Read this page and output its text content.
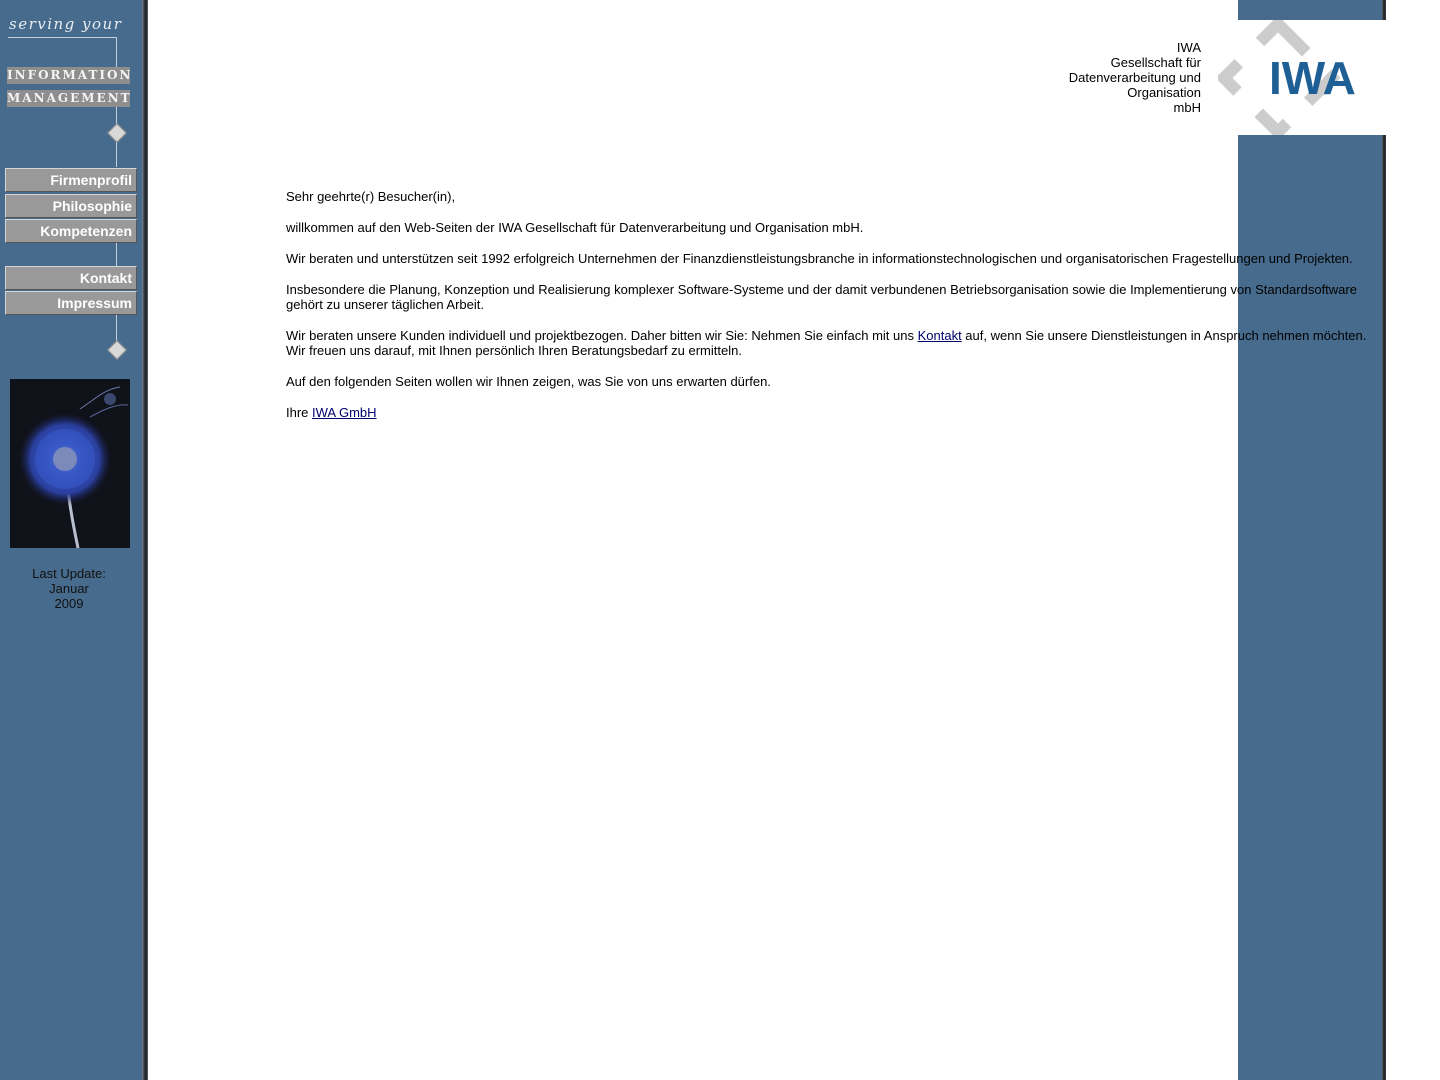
serving your
INFORMATION
MANAGEMENT
Firmenprofil
Philosophie
Kompetenzen
Kontakt
Impressum
Last Update:
Januar
2009
IWA
IWA
Gesellschaft für
Datenverarbeitung und
Organisation
mbH

Sehr geehrte(r) Besucher(in),

willkommen auf den Web-Seiten der IWA Gesellschaft für Datenverarbeitung und Organisation mbH.

Wir beraten und unterstützen seit 1992 erfolgreich Unternehmen der Finanzdienstleistungsbranche in informationstechnologischen und organisatorischen Fragestellungen und Projekten.

Insbesondere die Planung, Konzeption und Realisierung komplexer Software-Systeme und der damit verbundenen Betriebsorganisation sowie die Implementierung von Standardsoftware gehört zu unserer täglichen Arbeit.

Wir beraten unsere Kunden individuell und projektbezogen. Daher bitten wir Sie: Nehmen Sie einfach mit uns Kontakt auf, wenn Sie unsere Dienstleistungen in Anspruch nehmen möchten. Wir freuen uns darauf, mit Ihnen persönlich Ihren Beratungsbedarf zu ermitteln.

Auf den folgenden Seiten wollen wir Ihnen zeigen, was Sie von uns erwarten dürfen.

Ihre IWA GmbH
